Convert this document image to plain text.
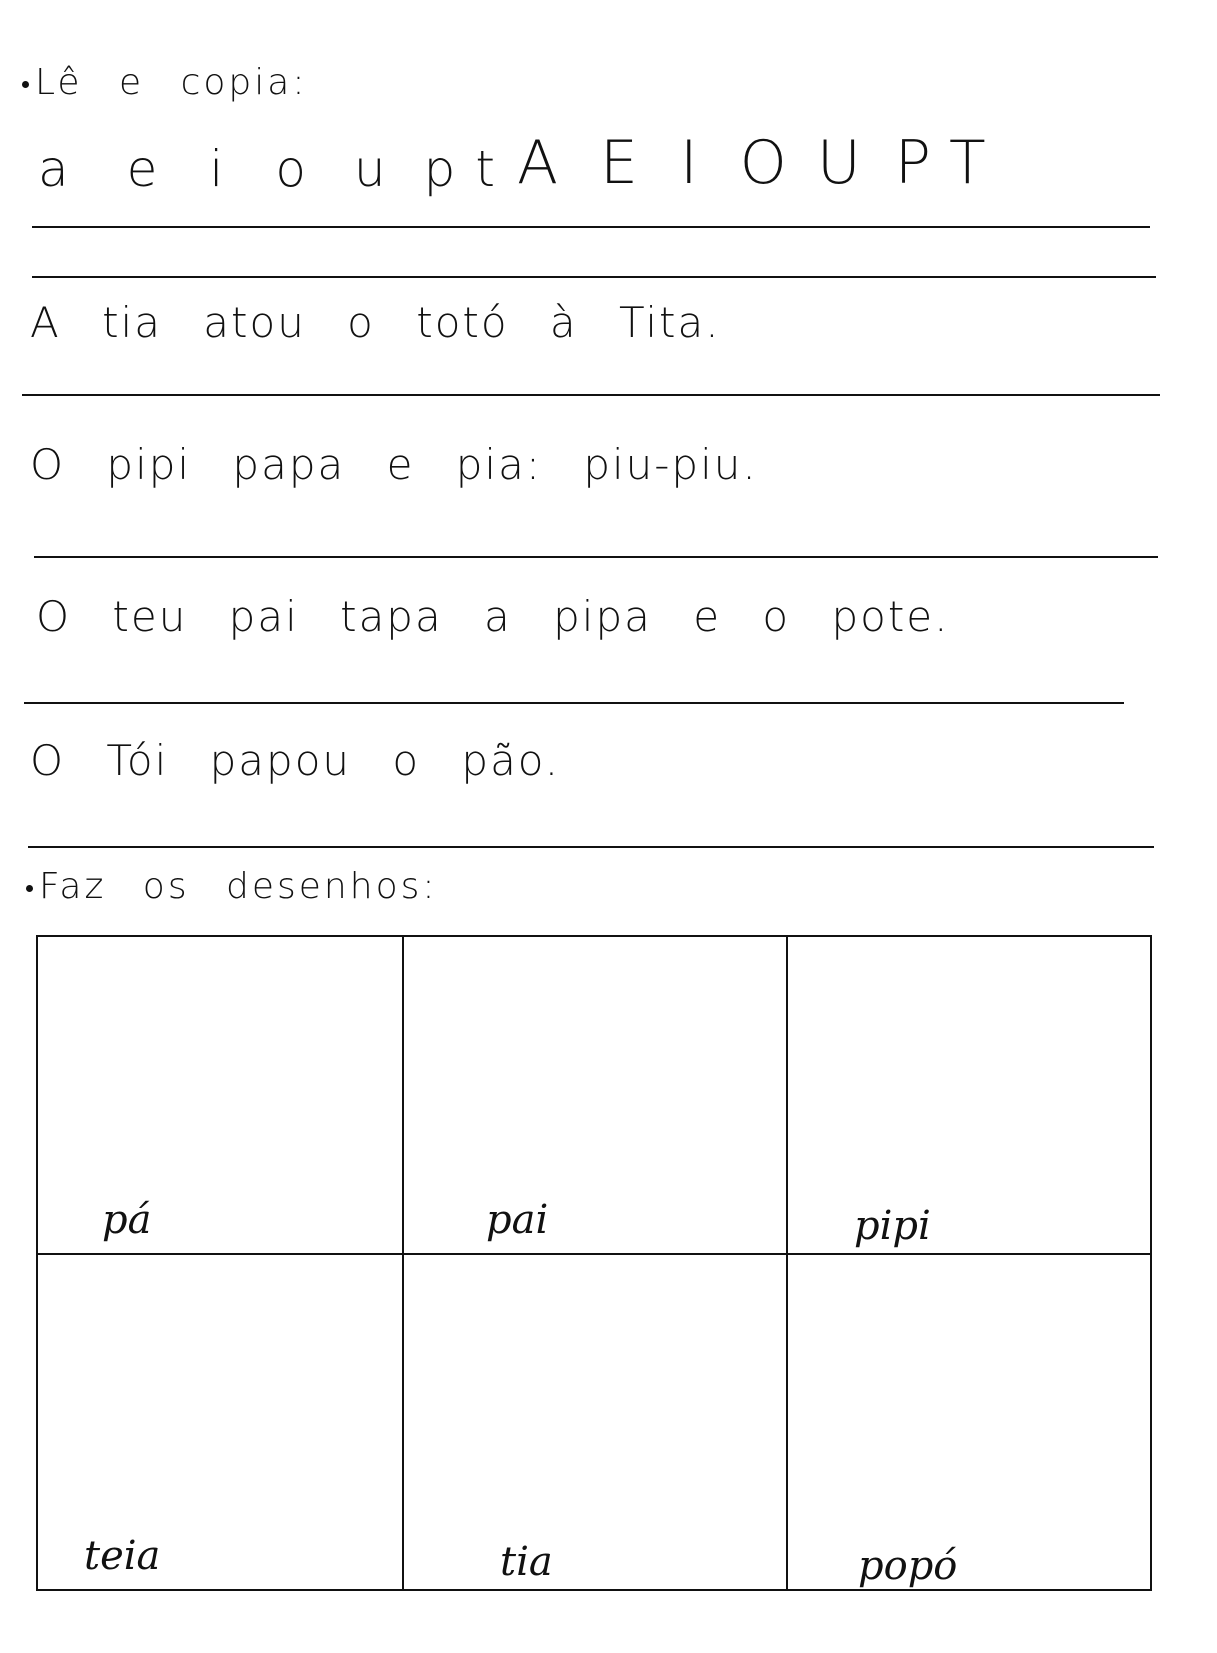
Lê e copia:
a e i o u p t A E I O U P T
A tia atou o totó à Tita.
O pipi papa e pia: piu-piu.
O teu pai tapa a pipa e o pote.
O Tói papou o pão.
Faz os desenhos:
pá	pai	pipi
teia	tia	popó
